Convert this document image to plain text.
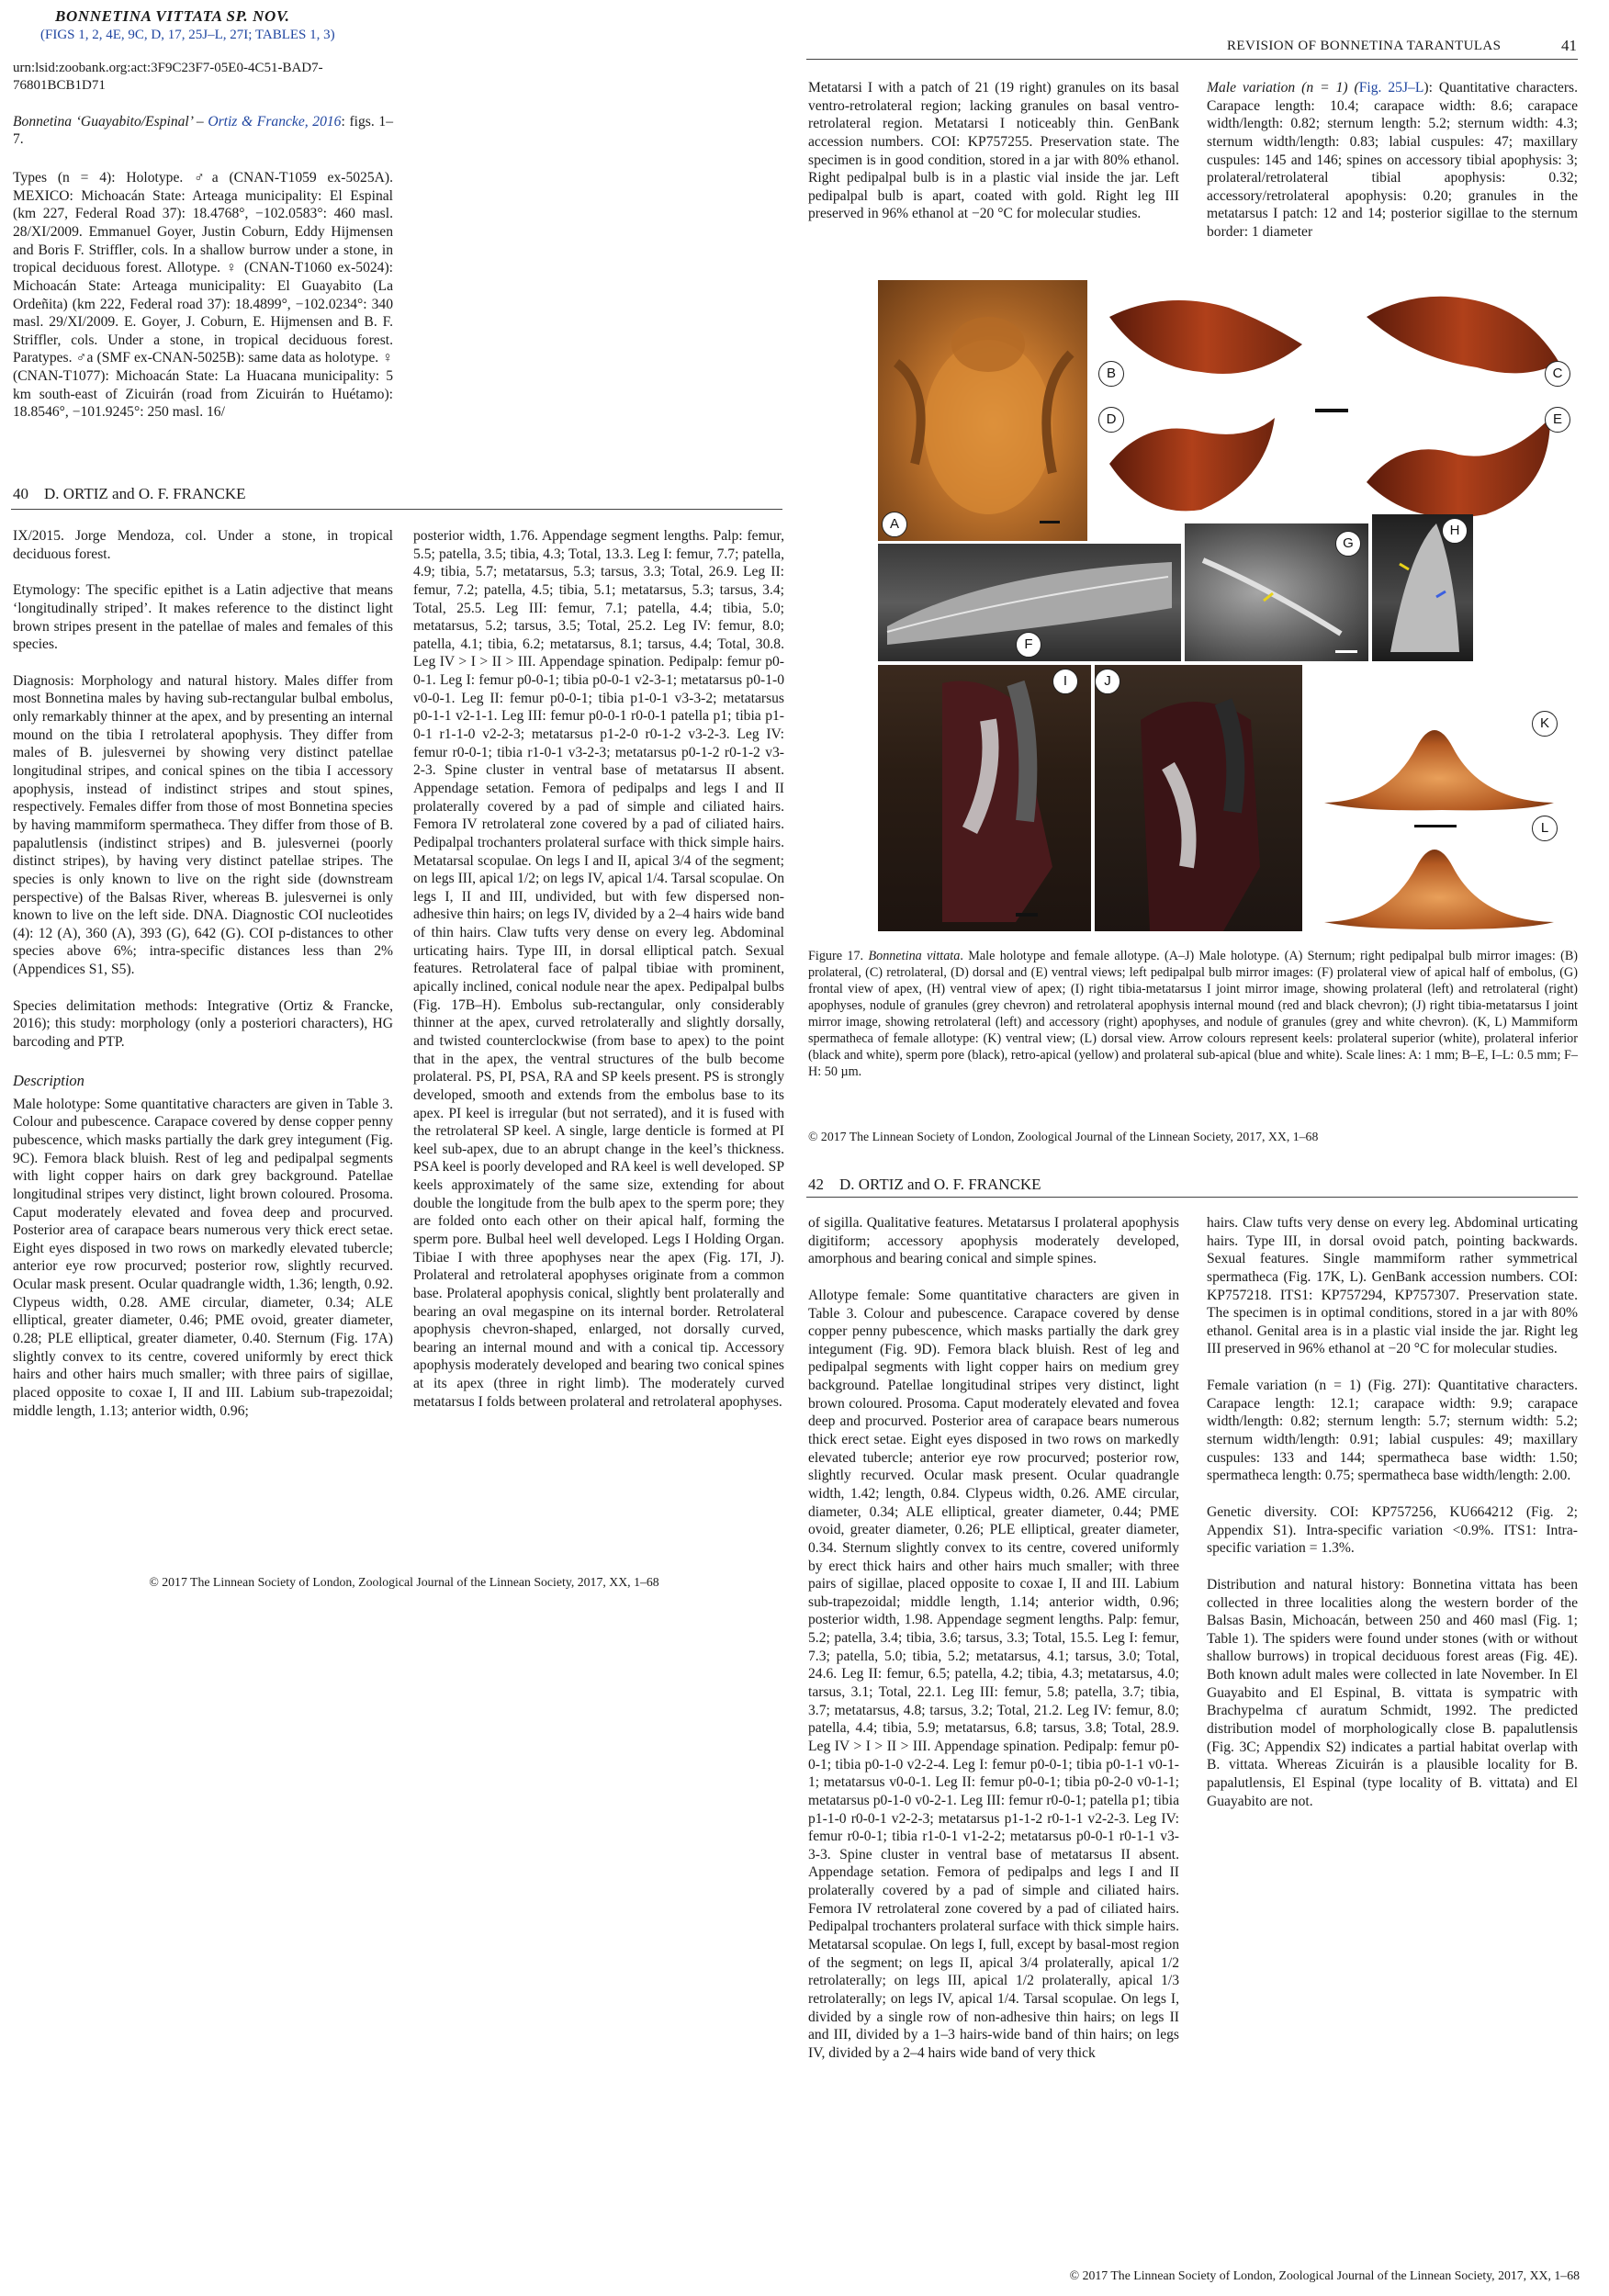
BONNETINA VITTATA SP. NOV.
(FIGS 1, 2, 4E, 9C, D, 17, 25J–L, 27I; TABLES 1, 3)

urn:lsid:zoobank.org:act:3F9C23F7-05E0-4C51-BAD7-76801BCB1D71

Bonnetina ‘Guayabito/Espinal’ – Ortiz & Francke, 2016: figs. 1–7.

Types (n = 4): Holotype. ♂a (CNAN-T1059 ex-5025A). MEXICO: Michoacán State: Arteaga municipality: El Espinal (km 227, Federal Road 37): 18.4768°, −102.0583°: 460 masl. 28/XI/2009. Emmanuel Goyer, Justin Coburn, Eddy Hijmensen and Boris F. Striffler, cols. In a shallow burrow under a stone, in tropical deciduous forest. Allotype. ♀ (CNAN-T1060 ex-5024): Michoacán State: Arteaga municipality: El Guayabito (La Ordeñita) (km 222, Federal road 37): 18.4899°, −102.0234°: 340 masl. 29/XI/2009. E. Goyer, J. Coburn, E. Hijmensen and B. F. Striffler, cols. Under a stone, in tropical deciduous forest. Paratypes. ♂a (SMF ex-CNAN-5025B): same data as holotype. ♀ (CNAN-T1077): Michoacán State: La Huacana municipality: 5 km south-east of Zicuirán (road from Zicuirán to Huétamo): 18.8546°, −101.9245°: 250 masl. 16/

REVISION OF BONNETINA TARANTULAS	41

Metatarsi I with a patch of 21 (19 right) granules on its basal ventro-retrolateral region; lacking granules on basal ventro-retrolateral region. Metatarsi I noticeably thin. GenBank accession numbers. COI: KP757255. Preservation state. The specimen is in good condition, stored in a jar with 80% ethanol. Right pedipalpal bulb is in a plastic vial inside the jar. Left pedipalpal bulb is apart, coated with gold. Right leg III preserved in 96% ethanol at −20 °C for molecular studies.

Male variation (n = 1) (Fig. 25J–L): Quantitative characters. Carapace length: 10.4; carapace width: 8.6; carapace width/length: 0.82; sternum length: 5.2; sternum width: 4.3; sternum width/length: 0.83; labial cuspules: 47; maxillary cuspules: 145 and 146; spines on accessory tibial apophysis: 3; prolateral/retrolateral tibial apophysis: 0.32; accessory/retrolateral apophysis: 0.20; granules in the metatarsus I patch: 12 and 14; posterior sigillae to the sternum border: 1 diameter

A
B	C
D	E
F
G
H
I	J
K
L

Figure 17. Bonnetina vittata. Male holotype and female allotype. (A–J) Male holotype. (A) Sternum; right pedipalpal bulb mirror images: (B) prolateral, (C) retrolateral, (D) dorsal and (E) ventral views; left pedipalpal bulb mirror images: (F) prolateral view of apical half of embolus, (G) frontal view of apex, (H) ventral view of apex; (I) right tibia-metatarsus I joint mirror image, showing prolateral (left) and retrolateral (right) apophyses, nodule of granules (grey chevron) and retrolateral apophysis internal mound (red and black chevron); (J) right tibia-metatarsus I joint mirror image, showing retrolateral (left) and accessory (right) apophyses, and nodule of granules (grey and white chevron). (K, L) Mammiform spermatheca of female allotype: (K) ventral view; (L) dorsal view. Arrow colours represent keels: prolateral superior (white), prolateral inferior (black and white), sperm pore (black), retro-apical (yellow) and prolateral sub-apical (blue and white). Scale lines: A: 1 mm; B–E, I–L: 0.5 mm; F–H: 50 µm.

© 2017 The Linnean Society of London, Zoological Journal of the Linnean Society, 2017, XX, 1–68
40    D. ORTIZ and O. F. FRANCKE

IX/2015. Jorge Mendoza, col. Under a stone, in tropical deciduous forest.

Etymology: The specific epithet is a Latin adjective that means ‘longitudinally striped’. It makes reference to the distinct light brown stripes present in the patellae of males and females of this species.

Diagnosis: Morphology and natural history. Males differ from most Bonnetina males by having sub-rectangular bulbal embolus, only remarkably thinner at the apex, and by presenting an internal mound on the tibia I retrolateral apophysis. They differ from males of B. julesvernei by showing very distinct patellae longitudinal stripes, and conical spines on the tibia I accessory apophysis, instead of indistinct stripes and stout spines, respectively. Females differ from those of most Bonnetina species by having mammiform spermatheca. They differ from those of B. papalutlensis (indistinct stripes) and B. julesvernei (poorly distinct stripes), by having very distinct patellae stripes. The species is only known to live on the right side (downstream perspective) of the Balsas River, whereas B. julesvernei is only known to live on the left side. DNA. Diagnostic COI nucleotides (4): 12 (A), 360 (A), 393 (G), 642 (G). COI p-distances to other species above 6%; intra-specific distances less than 2% (Appendices S1, S5).

Species delimitation methods: Integrative (Ortiz & Francke, 2016); this study: morphology (only a posteriori characters), HG barcoding and PTP.

Description

Male holotype: Some quantitative characters are given in Table 3. Colour and pubescence. Carapace covered by dense copper penny pubescence, which masks partially the dark grey integument (Fig. 9C). Femora black bluish. Rest of leg and pedipalpal segments with light copper hairs on dark grey background. Patellae longitudinal stripes very distinct, light brown coloured. Prosoma. Caput moderately elevated and fovea deep and procurved. Posterior area of carapace bears numerous very thick erect setae. Eight eyes disposed in two rows on markedly elevated tubercle; anterior eye row procurved; posterior row, slightly recurved. Ocular mask present. Ocular quadrangle width, 1.36; length, 0.92. Clypeus width, 0.28. AME circular, diameter, 0.34; ALE elliptical, greater diameter, 0.46; PME ovoid, greater diameter, 0.28; PLE elliptical, greater diameter, 0.40. Sternum (Fig. 17A) slightly convex to its centre, covered uniformly by erect thick hairs and other hairs much smaller; with three pairs of sigillae, placed opposite to coxae I, II and III. Labium sub-trapezoidal; middle length, 1.13; anterior width, 0.96;

posterior width, 1.76. Appendage segment lengths. Palp: femur, 5.5; patella, 3.5; tibia, 4.3; Total, 13.3. Leg I: femur, 7.7; patella, 4.9; tibia, 5.7; metatarsus, 5.3; tarsus, 3.3; Total, 26.9. Leg II: femur, 7.2; patella, 4.5; tibia, 5.1; metatarsus, 5.3; tarsus, 3.4; Total, 25.5. Leg III: femur, 7.1; patella, 4.4; tibia, 5.0; metatarsus, 5.2; tarsus, 3.5; Total, 25.2. Leg IV: femur, 8.0; patella, 4.1; tibia, 6.2; metatarsus, 8.1; tarsus, 4.4; Total, 30.8. Leg IV > I > II > III. Appendage spination. Pedipalp: femur p0-0-1. Leg I: femur p0-0-1; tibia p0-0-1 v2-3-1; metatarsus p0-1-0 v0-0-1. Leg II: femur p0-0-1; tibia p1-0-1 v3-3-2; metatarsus p0-1-1 v2-1-1. Leg III: femur p0-0-1 r0-0-1 patella p1; tibia p1-0-1 r1-1-0 v2-2-3; metatarsus p1-2-0 r0-1-2 v3-2-3. Leg IV: femur r0-0-1; tibia r1-0-1 v3-2-3; metatarsus p0-1-2 r0-1-2 v3-2-3. Spine cluster in ventral base of metatarsus II absent. Appendage setation. Femora of pedipalps and legs I and II prolaterally covered by a pad of simple and ciliated hairs. Femora IV retrolateral zone covered by a pad of ciliated hairs. Pedipalpal trochanters prolateral surface with thick simple hairs. Metatarsal scopulae. On legs I and II, apical 3/4 of the segment; on legs III, apical 1/2; on legs IV, apical 1/4. Tarsal scopulae. On legs I, II and III, undivided, but with few dispersed non-adhesive thin hairs; on legs IV, divided by a 2–4 hairs wide band of thin hairs. Claw tufts very dense on every leg. Abdominal urticating hairs. Type III, in dorsal elliptical patch. Sexual features. Retrolateral face of palpal tibiae with prominent, apically inclined, conical nodule near the apex. Pedipalpal bulbs (Fig. 17B–H). Embolus sub-rectangular, only considerably thinner at the apex, curved retrolaterally and slightly dorsally, and twisted counterclockwise (from base to apex) to the point that in the apex, the ventral structures of the bulb become prolateral. PS, PI, PSA, RA and SP keels present. PS is strongly developed, smooth and extends from the embolus base to its apex. PI keel is irregular (but not serrated), and it is fused with the retrolateral SP keel. A single, large denticle is formed at PI keel sub-apex, due to an abrupt change in the keel’s thickness. PSA keel is poorly developed and RA keel is well developed. SP keels approximately of the same size, extending for about double the longitude from the bulb apex to the sperm pore; they are folded onto each other on their apical half, forming the sperm pore. Bulbal heel well developed. Legs I Holding Organ. Tibiae I with three apophyses near the apex (Fig. 17I, J). Prolateral and retrolateral apophyses originate from a common base. Prolateral apophysis conical, slightly bent prolaterally and bearing an oval megaspine on its internal border. Retrolateral apophysis chevron-shaped, enlarged, not dorsally curved, bearing an internal mound and with a conical tip. Accessory apophysis moderately developed and bearing two conical spines at its apex (three in right limb). The moderately curved metatarsus I folds between prolateral and retrolateral apophyses.

© 2017 The Linnean Society of London, Zoological Journal of the Linnean Society, 2017, XX, 1–68
42    D. ORTIZ and O. F. FRANCKE

of sigilla. Qualitative features. Metatarsus I prolateral apophysis digitiform; accessory apophysis moderately developed, amorphous and bearing conical and simple spines.

Allotype female: Some quantitative characters are given in Table 3. Colour and pubescence. Carapace covered by dense copper penny pubescence, which masks partially the dark grey integument (Fig. 9D). Femora black bluish. Rest of leg and pedipalpal segments with light copper hairs on medium grey background. Patellae longitudinal stripes very distinct, light brown coloured. Prosoma. Caput moderately elevated and fovea deep and procurved. Posterior area of carapace bears numerous thick erect setae. Eight eyes disposed in two rows on markedly elevated tubercle; anterior eye row procurved; posterior row, slightly recurved. Ocular mask present. Ocular quadrangle width, 1.42; length, 0.84. Clypeus width, 0.26. AME circular, diameter, 0.34; ALE elliptical, greater diameter, 0.44; PME ovoid, greater diameter, 0.26; PLE elliptical, greater diameter, 0.34. Sternum slightly convex to its centre, covered uniformly by erect thick hairs and other hairs much smaller; with three pairs of sigillae, placed opposite to coxae I, II and III. Labium sub-trapezoidal; middle length, 1.14; anterior width, 0.96; posterior width, 1.98. Appendage segment lengths. Palp: femur, 5.2; patella, 3.4; tibia, 3.6; tarsus, 3.3; Total, 15.5. Leg I: femur, 7.3; patella, 5.0; tibia, 5.2; metatarsus, 4.1; tarsus, 3.0; Total, 24.6. Leg II: femur, 6.5; patella, 4.2; tibia, 4.3; metatarsus, 4.0; tarsus, 3.1; Total, 22.1. Leg III: femur, 5.8; patella, 3.7; tibia, 3.7; metatarsus, 4.8; tarsus, 3.2; Total, 21.2. Leg IV: femur, 8.0; patella, 4.4; tibia, 5.9; metatarsus, 6.8; tarsus, 3.8; Total, 28.9. Leg IV > I > II > III. Appendage spination. Pedipalp: femur p0-0-1; tibia p0-1-0 v2-2-4. Leg I: femur p0-0-1; tibia p0-1-1 v0-1-1; metatarsus v0-0-1. Leg II: femur p0-0-1; tibia p0-2-0 v0-1-1; metatarsus p0-1-0 v0-2-1. Leg III: femur r0-0-1; patella p1; tibia p1-1-0 r0-0-1 v2-2-3; metatarsus p1-1-2 r0-1-1 v2-2-3. Leg IV: femur r0-0-1; tibia r1-0-1 v1-2-2; metatarsus p0-0-1 r0-1-1 v3-3-3. Spine cluster in ventral base of metatarsus II absent. Appendage setation. Femora of pedipalps and legs I and II prolaterally covered by a pad of simple and ciliated hairs. Femora IV retrolateral zone covered by a pad of ciliated hairs. Pedipalpal trochanters prolateral surface with thick simple hairs. Metatarsal scopulae. On legs I, full, except by basal-most region of the segment; on legs II, apical 3/4 prolaterally, apical 1/2 retrolaterally; on legs III, apical 1/2 prolaterally, apical 1/3 retrolaterally; on legs IV, apical 1/4. Tarsal scopulae. On legs I, divided by a single row of non-adhesive thin hairs; on legs II and III, divided by a 1–3 hairs-wide band of thin hairs; on legs IV, divided by a 2–4 hairs wide band of very thick

hairs. Claw tufts very dense on every leg. Abdominal urticating hairs. Type III, in dorsal ovoid patch, pointing backwards. Sexual features. Single mammiform rather symmetrical spermatheca (Fig. 17K, L). GenBank accession numbers. COI: KP757218. ITS1: KP757294, KP757307. Preservation state. The specimen is in optimal conditions, stored in a jar with 80% ethanol. Genital area is in a plastic vial inside the jar. Right leg III preserved in 96% ethanol at −20 °C for molecular studies.

Female variation (n = 1) (Fig. 27I): Quantitative characters. Carapace length: 12.1; carapace width: 9.9; carapace width/length: 0.82; sternum length: 5.7; sternum width: 5.2; sternum width/length: 0.91; labial cuspules: 49; maxillary cuspules: 133 and 144; spermatheca base width: 1.50; spermatheca length: 0.75; spermatheca base width/length: 2.00.

Genetic diversity. COI: KP757256, KU664212 (Fig. 2; Appendix S1). Intra-specific variation <0.9%. ITS1: Intra-specific variation = 1.3%.

Distribution and natural history: Bonnetina vittata has been collected in three localities along the western border of the Balsas Basin, Michoacán, between 250 and 460 masl (Fig. 1; Table 1). The spiders were found under stones (with or without shallow burrows) in tropical deciduous forest areas (Fig. 4E). Both known adult males were collected in late November. In El Guayabito and El Espinal, B. vittata is sympatric with Brachypelma cf auratum Schmidt, 1992. The predicted distribution model of morphologically close B. papalutlensis (Fig. 3C; Appendix S2) indicates a partial habitat overlap with B. vittata. Whereas Zicuirán is a plausible locality for B. papalutlensis, El Espinal (type locality of B. vittata) and El Guayabito are not.

© 2017 The Linnean Society of London, Zoological Journal of the Linnean Society, 2017, XX, 1–68
